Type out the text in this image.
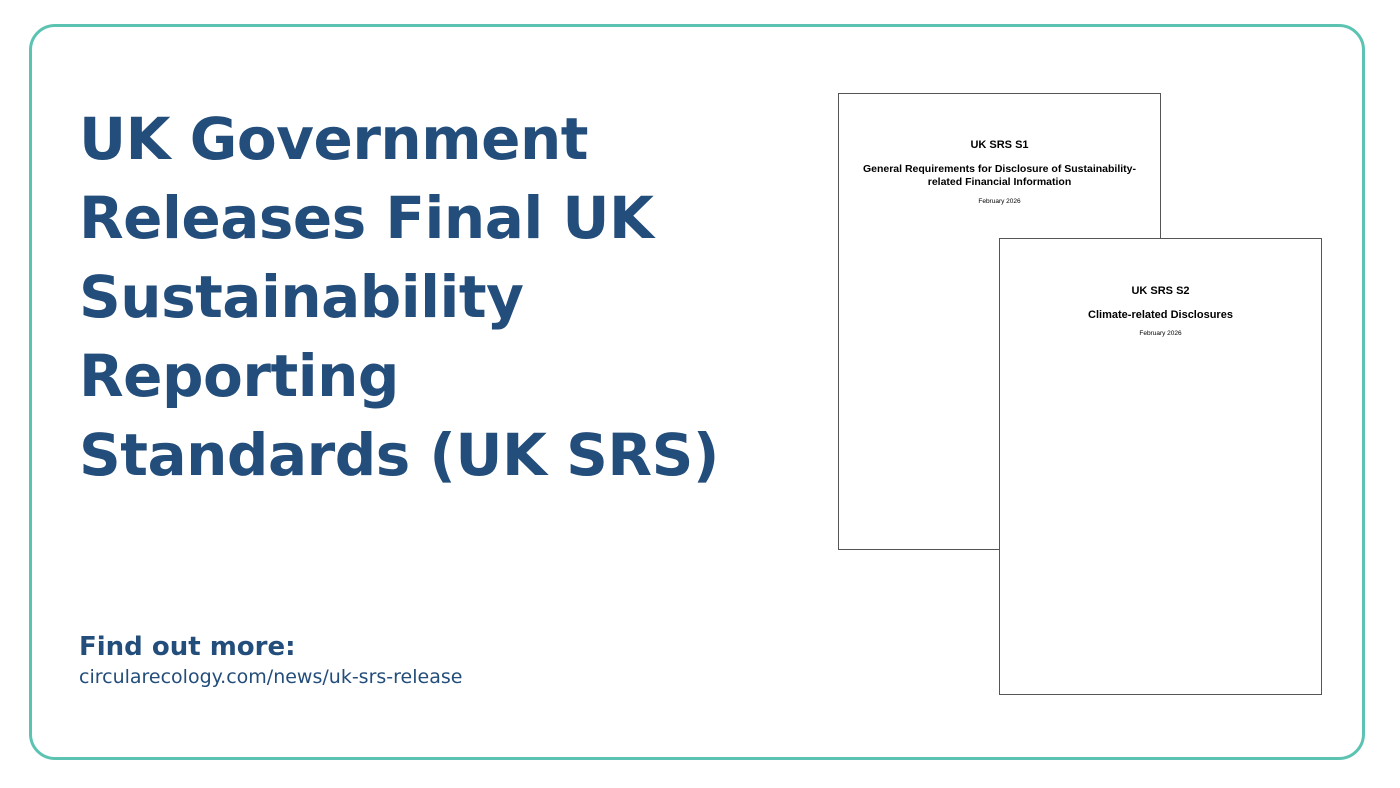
UK Government
Releases Final UK
Sustainability
Reporting
Standards (UK SRS)
Find out more:
circularecology.com/news/uk-srs-release
UK SRS S1
General Requirements for Disclosure of Sustainability-related Financial Information
February 2026
UK SRS S2
Climate-related Disclosures
February 2026
